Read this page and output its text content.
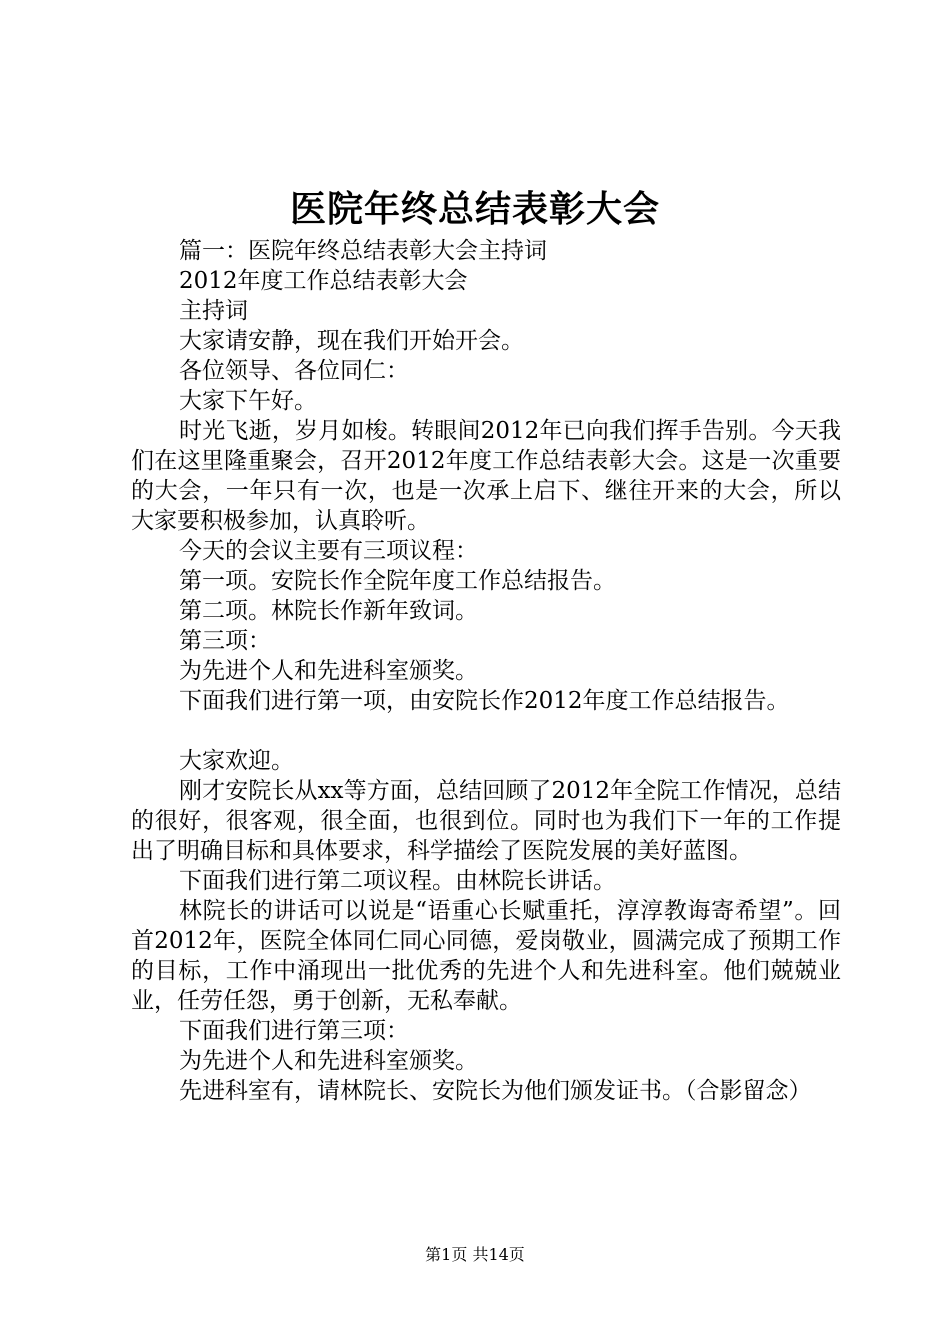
医院年终总结表彰大会

篇一：医院年终总结表彰大会主持词

2012年度工作总结表彰大会

主持词

大家请安静，现在我们开始开会。

各位领导、各位同仁：

大家下午好。

时光飞逝，岁月如梭。转眼间2012年已向我们挥手告别。今天我们在这里隆重聚会，召开2012年度工作总结表彰大会。这是一次重要的大会，一年只有一次，也是一次承上启下、继往开来的大会，所以大家要积极参加，认真聆听。

今天的会议主要有三项议程：

第一项。安院长作全院年度工作总结报告。

第二项。林院长作新年致词。

第三项：

为先进个人和先进科室颁奖。

下面我们进行第一项，由安院长作2012年度工作总结报告。

大家欢迎。

刚才安院长从xx等方面，总结回顾了2012年全院工作情况，总结的很好，很客观，很全面，也很到位。同时也为我们下一年的工作提出了明确目标和具体要求，科学描绘了医院发展的美好蓝图。

下面我们进行第二项议程。由林院长讲话。

林院长的讲话可以说是“语重心长赋重托，淳淳教诲寄希望”。回首2012年，医院全体同仁同心同德，爱岗敬业，圆满完成了预期工作的目标，工作中涌现出一批优秀的先进个人和先进科室。他们兢兢业业，任劳任怨，勇于创新，无私奉献。

下面我们进行第三项：

为先进个人和先进科室颁奖。

先进科室有，请林院长、安院长为他们颁发证书。（合影留念）

第1页 共14页
